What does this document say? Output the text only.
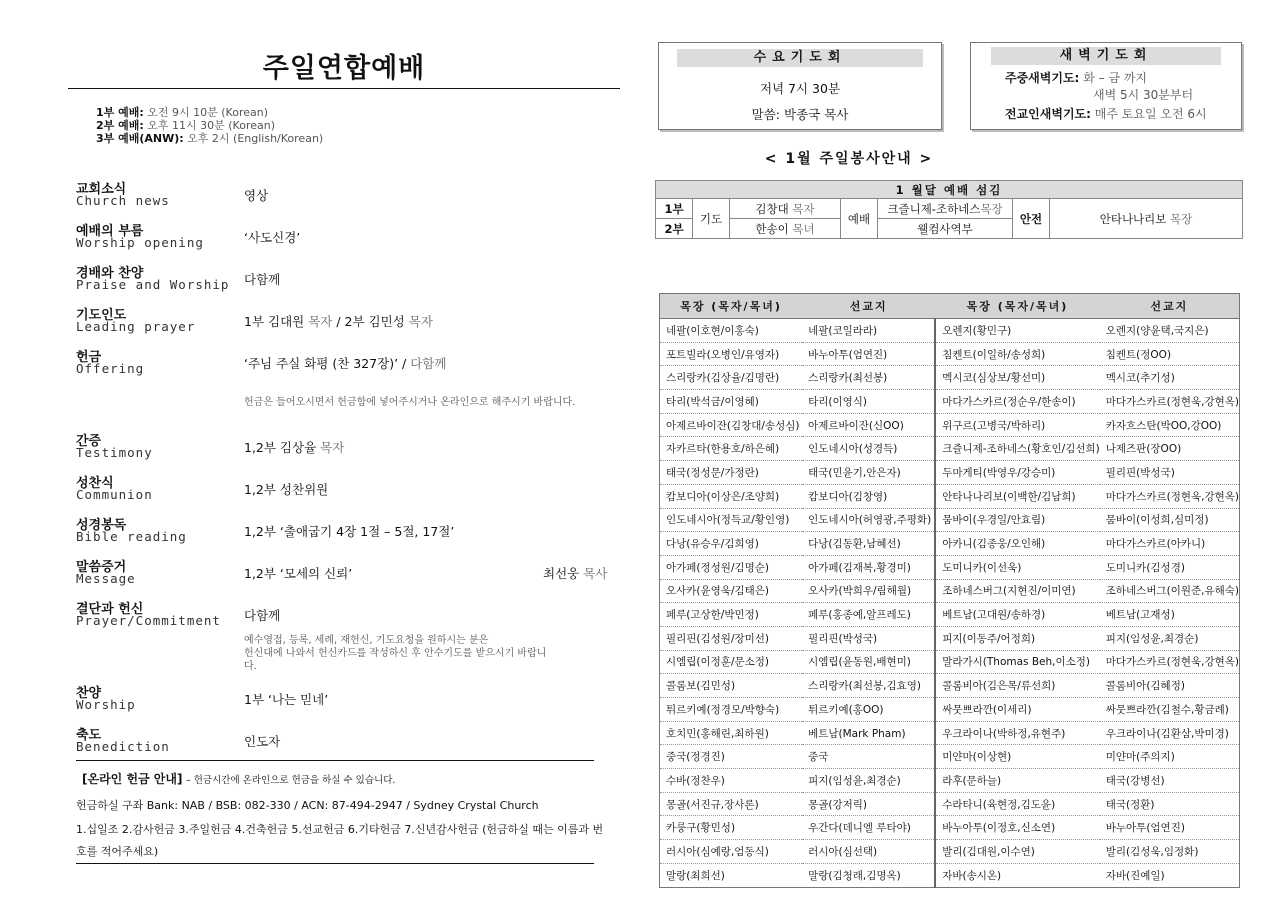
주일연합예배
1부 예배: 오전 9시 10분 (Korean)
2부 예배: 오후 11시 30분 (Korean)
3부 예배(ANW): 오후 2시 (English/Korean)
교회소식
Church news	영상
예배의 부름
Worship opening	‘사도신경’
경배와 찬양
Praise and Worship 다함께
기도인도
Leading prayer	1부 김대원 목자 / 2부 김민성 목자
헌금
Offering	‘주님 주실 화평 (찬 327장)’ / 다함께
간증
Testimony	1,2부 김상율 목자
성찬식
Communion	1,2부 성찬위원
성경봉독
Bible reading	1,2부 ‘출애굽기 4장 1절 – 5절, 17절’
말씀증거
Message	1,2부 ‘모세의 신뢰’	최선웅 목사
결단과 헌신
Prayer/Commitment 다함께
찬양
Worship	1부 ‘나는 믿네’
축도
Benediction	인도자
헌금은 들어오시면서 헌금함에 넣어주시거나 온라인으로 해주시기 바랍니다.
예수영접, 등록, 세례, 재헌신, 기도요청을 원하시는 분은
헌신대에 나와서 헌신카드를 작성하신 후 안수기도를 받으시기 바랍니
다.
[온라인 헌금 안내] – 헌금시간에 온라인으로 헌금을 하실 수 있습니다.
헌금하실 구좌 Bank: NAB / BSB: 082-330 / ACN: 87-494-2947 / Sydney Crystal Church
1.십일조 2.감사헌금 3.주일헌금 4.건축헌금 5.선교헌금 6.기타헌금 7.신년감사헌금 (헌금하실 때는 이름과 번
호를 적어주세요)
수요기도회
저녁 7시 30분
말씀: 박종국 목사
새벽기도회
주중새벽기도: 화 – 금 까지
새벽 5시 30분부터
전교인새벽기도: 매주 토요일 오전 6시
< 1월 주일봉사안내 >
1 월달 예배 섬김						
1부	기도	김창대 목자	예배	크즐니제-조하네스목장	안전	안타나나리보 목장
2부		한송이 목녀		웰컴사역부		
목장 (목자/목녀)	선교지	목장 (목자/목녀)	선교지
네팔(이호현/이홍숙)	네팔(코일라라)	오렌지(황민구)	오렌지(양윤택,국지은)
포트빌라(오병인/유영자)	바누아투(엄연진)	침켄트(이일하/송성희)	침켄트(정OO)
스리랑카(김상율/김명란)	스리랑카(최선봉)	멕시코(심상보/황선미)	멕시코(추기성)
타리(박석금/이영혜)	타리(이영식)	마다가스카르(정순우/한송이)	마다가스카르(정현욱,강현옥)
아제르바이잔(김창대/송성심)	아제르바이잔(신OO)	위구르(고병국/박하리)	카자흐스탄(박OO,강OO)
자카르타(한용호/하은혜)	인도네시아(성경득)	크즐니제-조하네스(황호인/김선희)	나제즈판(장OO)
태국(정성문/가정란)	태국(민윤기,안은자)	두마게티(박영우/강승미)	필리핀(박성국)
캄보디아(이상은/조양희)	캄보디아(김창영)	안타나나리보(이백한/김남희)	마다가스카르(정현욱,강현옥)
인도네시아(정득교/황인영)	인도네시아(허영광,주평화)	뭄바이(우경일/안효림)	뭄바이(이성희,심미정)
다낭(유승우/김희영)	다낭(김동환,남혜선)	아카니(김종웅/오인해)	마다가스카르(아카니)
아가페(정성원/김명순)	아가페(김재복,황경미)	도미니카(이선욱)	도미니카(김성경)
오사카(윤영욱/김태은)	오사카(박희우/림해월)	조하네스버그(지현진/이미연)	조하네스버그(이원준,유해숙)
페루(고상한/박민정)	페루(홍종예,알프레도)	베트남(고대원/송하경)	베트남(고재성)
필리핀(김성원/장미선)	필리핀(박성국)	피지(이동주/어정희)	피지(임성윤,최경순)
시엠립(이정훈/문소정)	시엠립(윤동원,배현미)	말라가시(Thomas Beh,이소정)	마다가스카르(정현욱,강현옥)
콜롬보(김민성)	스리랑카(최선봉,김효영)	콜롬비아(김은목/류선희)	콜롬비아(김혜정)
튀르키예(정경모/박향숙)	튀르키예(홍OO)	싸뭇쁘라깐(이세리)	싸뭇쁘라깐(김철수,황금례)
호치민(홍해린,최하원)	베트남(Mark Pham)	우크라이나(박하정,유현주)	우크라이나(김환삼,박미경)
중국(정경진)	중국	미얀마(이상현)	미얀마(주의지)
수바(정찬우)	피지(임성윤,최경순)	라후(문하늘)	태국(강병선)
몽골(서진규,장사론)	몽골(강저릭)	수라타니(육현정,김도윤)	태국(정환)
카룽구(황민성)	우간다(데니엘 루타야)	바누아투(이정호,신소연)	바누아투(엄연진)
러시아(심예랑,엄동식)	러시아(심선택)	발리(김대원,이수연)	발리(김성욱,임정화)
말랑(최희선)	말랑(김청래,김명옥)	자바(송시온)	자바(진예일)
